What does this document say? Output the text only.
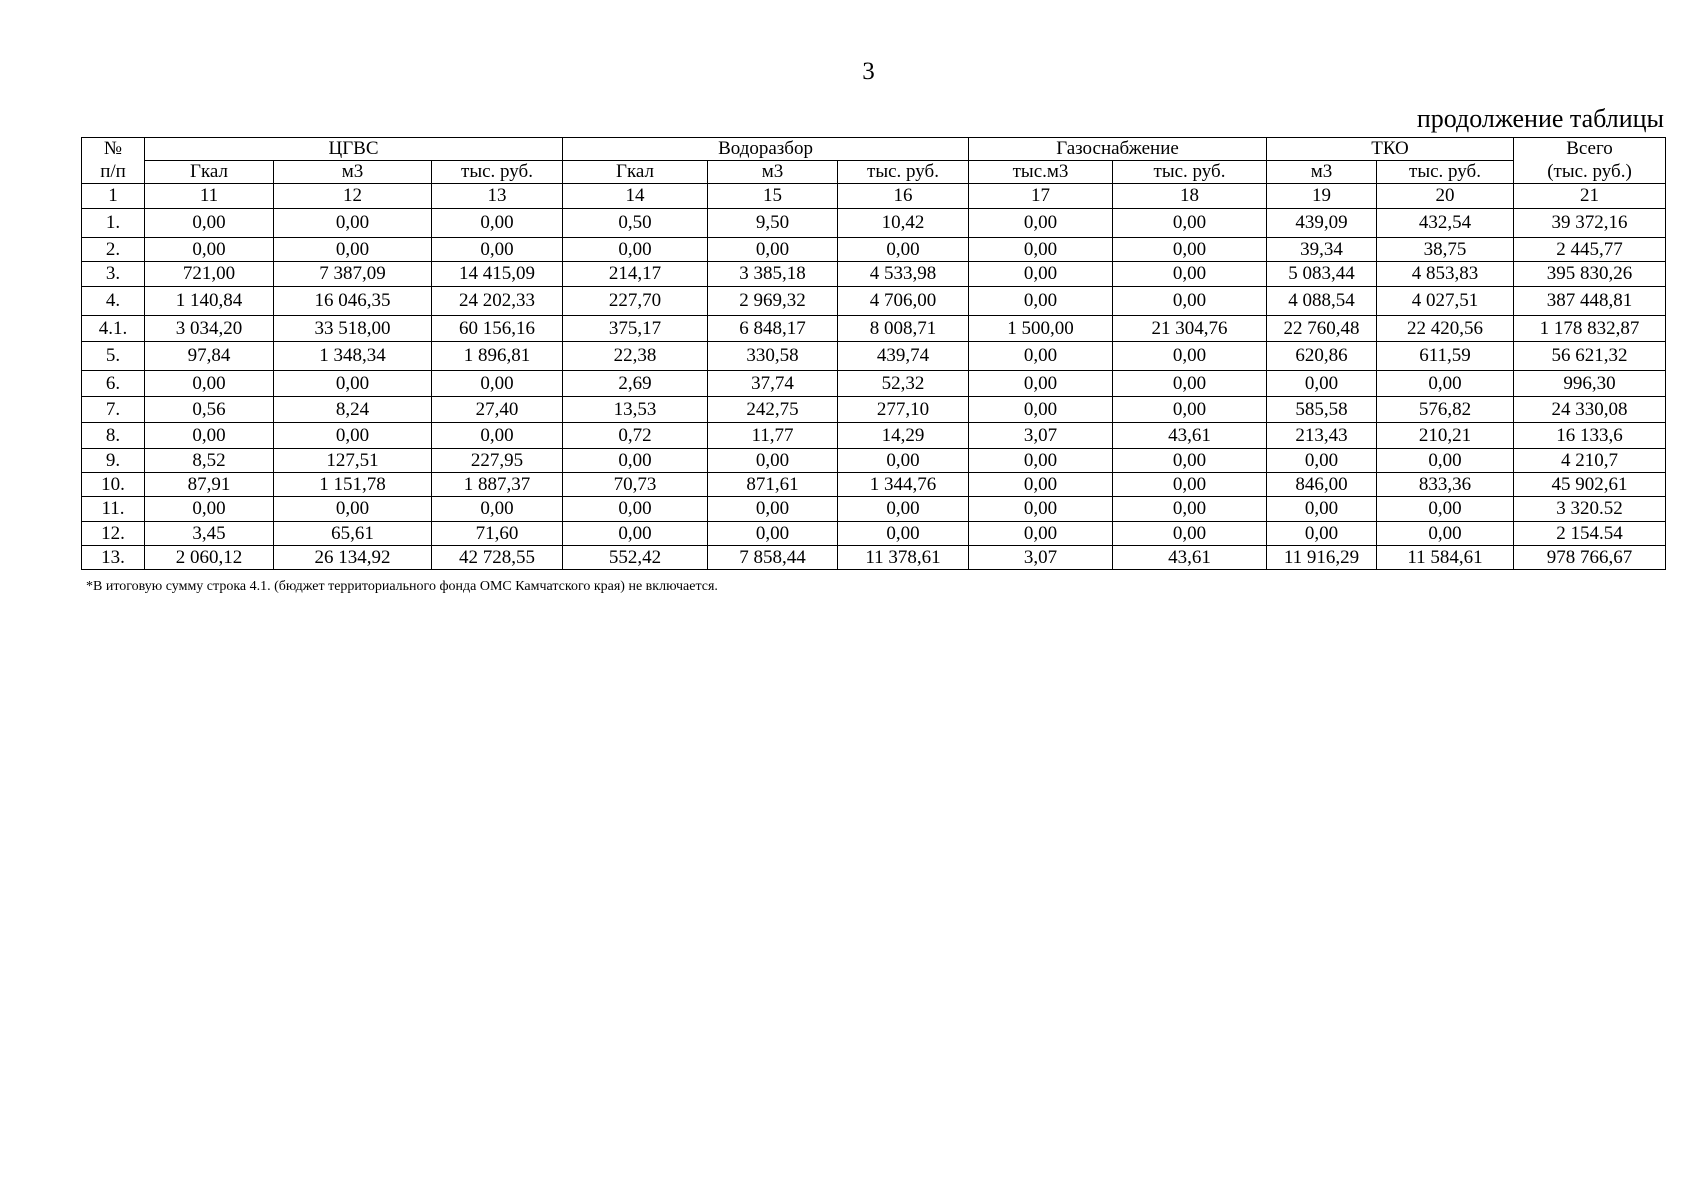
3
продолжение таблицы
№	ЦГВС			Водоразбор			Газоснабжение		ТКО		Всего
п/п	Гкал	м3	тыс. руб.	Гкал	м3	тыс. руб.	тыс.м3	тыс. руб.	м3	тыс. руб.	(тыс. руб.)
1	11	12	13	14	15	16	17	18	19	20	21
1.	0,00	0,00	0,00	0,50	9,50	10,42	0,00	0,00	439,09	432,54	39 372,16
2.	0,00	0,00	0,00	0,00	0,00	0,00	0,00	0,00	39,34	38,75	2 445,77
3.	721,00	7 387,09	14 415,09	214,17	3 385,18	4 533,98	0,00	0,00	5 083,44	4 853,83	395 830,26
4.	1 140,84	16 046,35	24 202,33	227,70	2 969,32	4 706,00	0,00	0,00	4 088,54	4 027,51	387 448,81
4.1.	3 034,20	33 518,00	60 156,16	375,17	6 848,17	8 008,71	1 500,00	21 304,76	22 760,48	22 420,56	1 178 832,87
5.	97,84	1 348,34	1 896,81	22,38	330,58	439,74	0,00	0,00	620,86	611,59	56 621,32
6.	0,00	0,00	0,00	2,69	37,74	52,32	0,00	0,00	0,00	0,00	996,30
7.	0,56	8,24	27,40	13,53	242,75	277,10	0,00	0,00	585,58	576,82	24 330,08
8.	0,00	0,00	0,00	0,72	11,77	14,29	3,07	43,61	213,43	210,21	16 133,6
9.	8,52	127,51	227,95	0,00	0,00	0,00	0,00	0,00	0,00	0,00	4 210,7
10.	87,91	1 151,78	1 887,37	70,73	871,61	1 344,76	0,00	0,00	846,00	833,36	45 902,61
11.	0,00	0,00	0,00	0,00	0,00	0,00	0,00	0,00	0,00	0,00	3 320.52
12.	3,45	65,61	71,60	0,00	0,00	0,00	0,00	0,00	0,00	0,00	2 154.54
13.	2 060,12	26 134,92	42 728,55	552,42	7 858,44	11 378,61	3,07	43,61	11 916,29	11 584,61	978 766,67
*В итоговую сумму строка 4.1. (бюджет территориального фонда ОМС Камчатского края) не включается.
